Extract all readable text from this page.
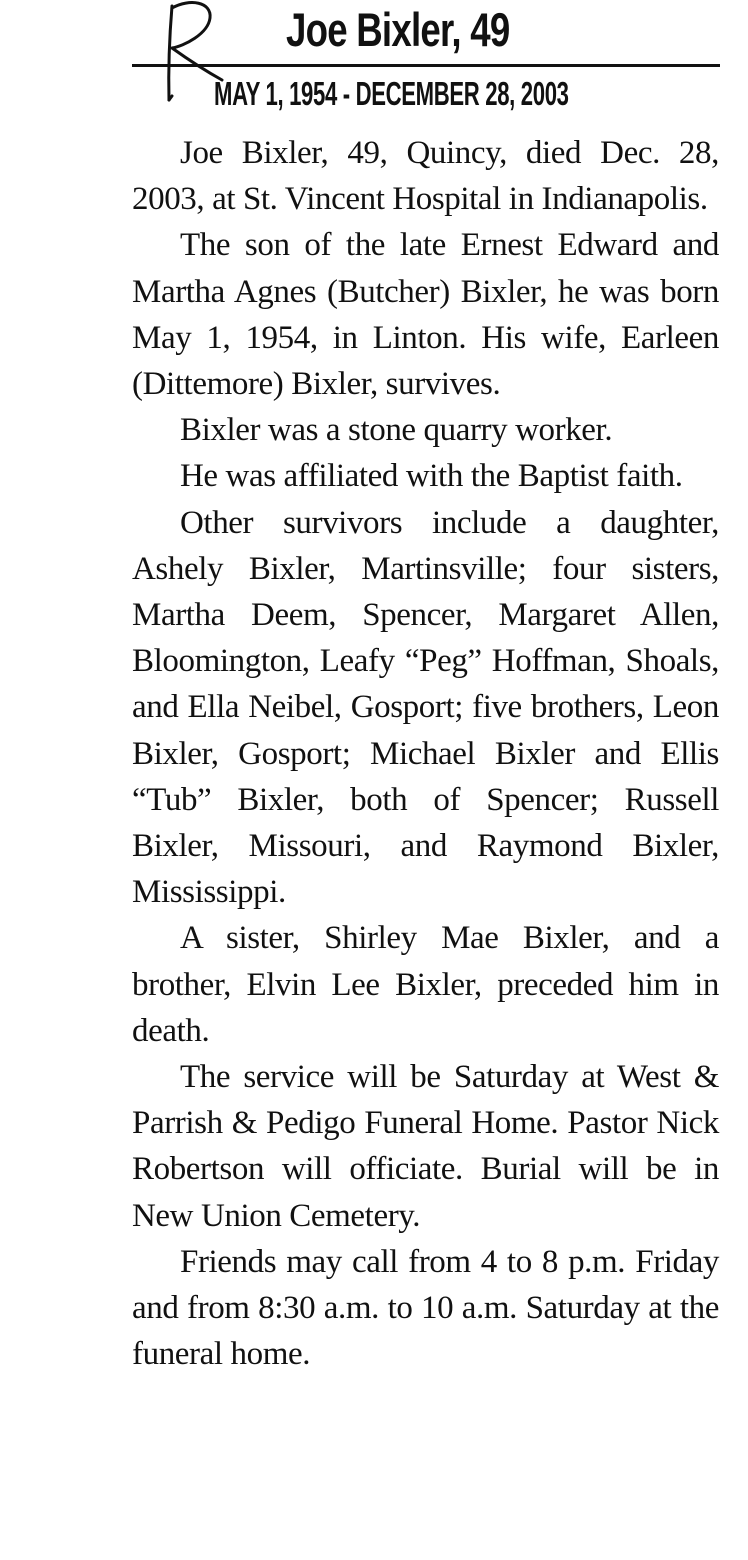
Joe Bixler, 49
MAY 1, 1954 - DECEMBER 28, 2003

Joe Bixler, 49, Quincy, died Dec. 28, 2003, at St. Vincent Hospital in Indianapolis.

The son of the late Ernest Edward and Martha Agnes (Butcher) Bixler, he was born May 1, 1954, in Linton. His wife, Earleen (Dittemore) Bixler, survives.

Bixler was a stone quarry worker.

He was affiliated with the Baptist faith.

Other survivors include a daughter, Ashely Bixler, Martinsville; four sisters, Martha Deem, Spencer, Margaret Allen, Bloomington, Leafy “Peg” Hoffman, Shoals, and Ella Neibel, Gosport; five brothers, Leon Bixler, Gosport; Michael Bixler and Ellis “Tub” Bixler, both of Spencer; Russell Bixler, Missouri, and Raymond Bixler, Mississippi.

A sister, Shirley Mae Bixler, and a brother, Elvin Lee Bixler, preceded him in death.

The service will be Saturday at West & Parrish & Pedigo Funeral Home. Pastor Nick Robertson will officiate. Burial will be in New Union Cemetery.

Friends may call from 4 to 8 p.m. Friday and from 8:30 a.m. to 10 a.m. Saturday at the funeral home.
